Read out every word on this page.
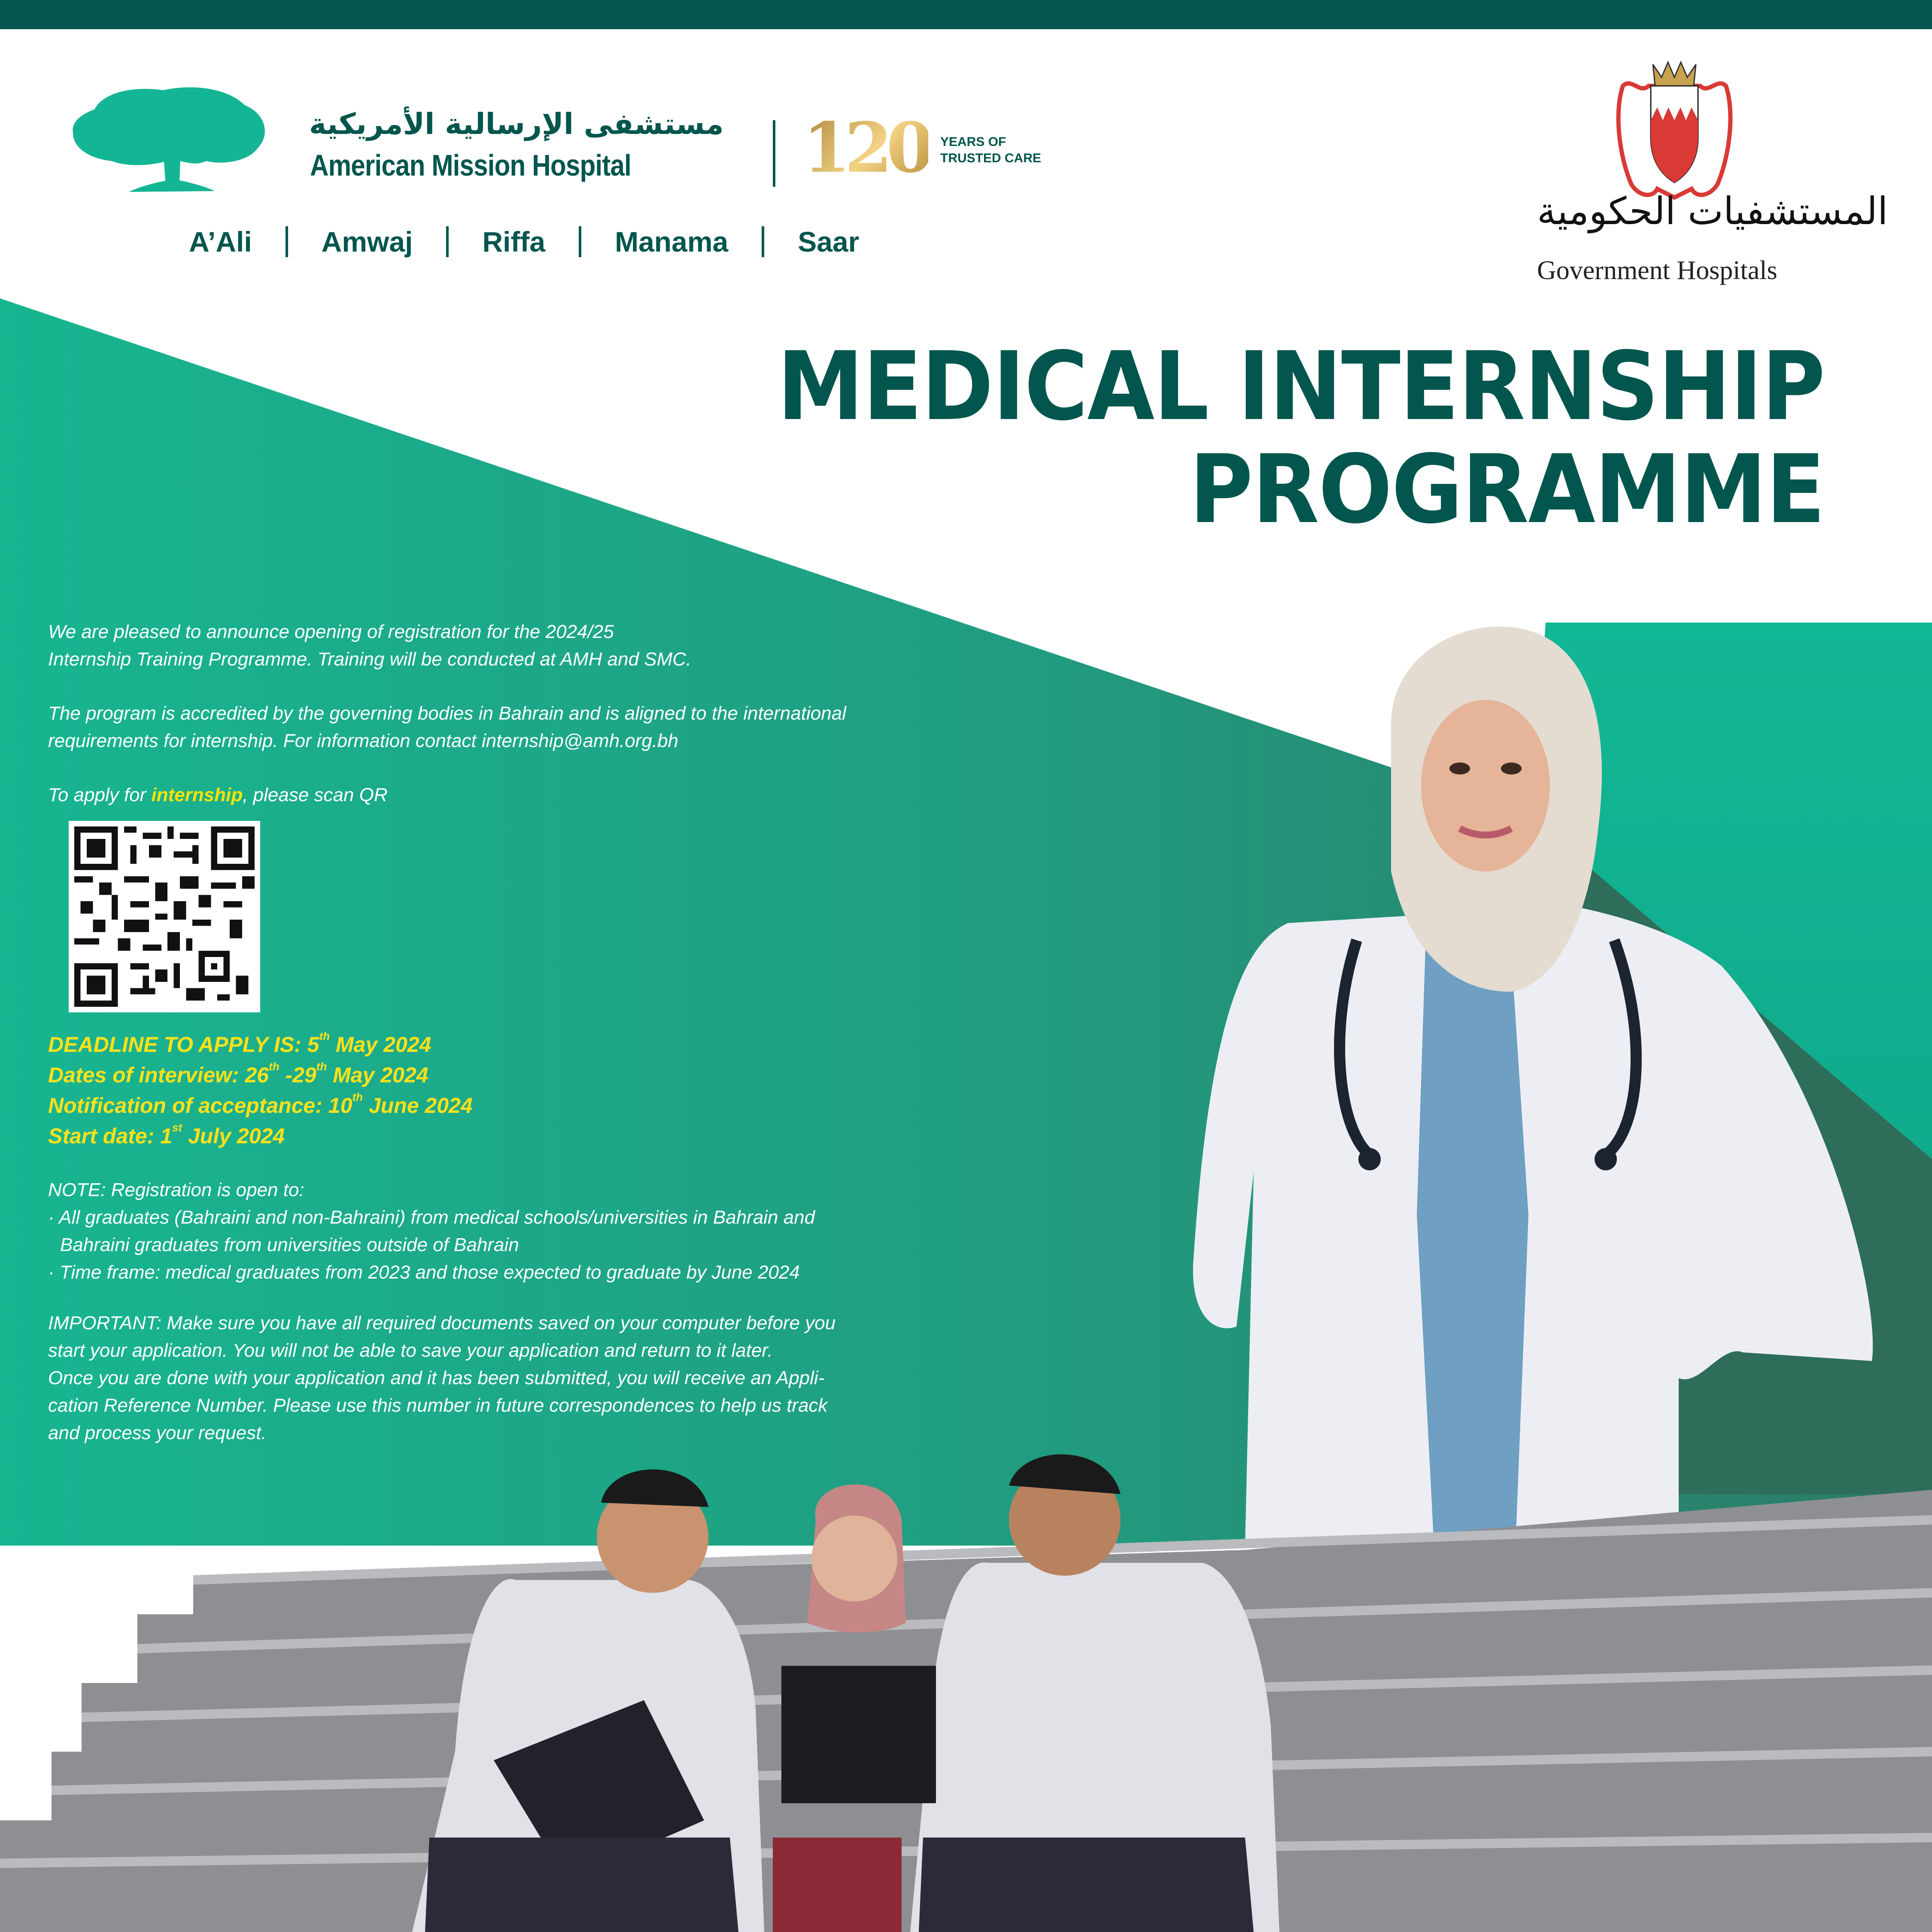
مستشفى الإرسالية الأمريكية
American Mission Hospital	120 YEARS OF
TRUSTED CARE
A’Ali Amwaj Riffa Manama Saar
المستشفيات الحكومية
Government Hospitals
MEDICAL INTERNSHIP
PROGRAMME
We are pleased to announce opening of registration for the 2024/25
Internship Training Programme. Training will be conducted at AMH and SMC.
The program is accredited by the governing bodies in Bahrain and is aligned to the international
requirements for internship. For information contact internship@amh.org.bh
To apply for internship, please scan QR
DEADLINE TO APPLY IS: 5th May 2024
Dates of interview: 26th -29th May 2024
Notification of acceptance: 10th June 2024
Start date: 1st July 2024
NOTE: Registration is open to:
· All graduates (Bahraini and non-Bahraini) from medical schools/universities in Bahrain and
Bahraini graduates from universities outside of Bahrain
· Time frame: medical graduates from 2023 and those expected to graduate by June 2024
IMPORTANT: Make sure you have all required documents saved on your computer before you
start your application. You will not be able to save your application and return to it later.
Once you are done with your application and it has been submitted, you will receive an Appli-
cation Reference Number. Please use this number in future correspondences to help us track
and process your request.
